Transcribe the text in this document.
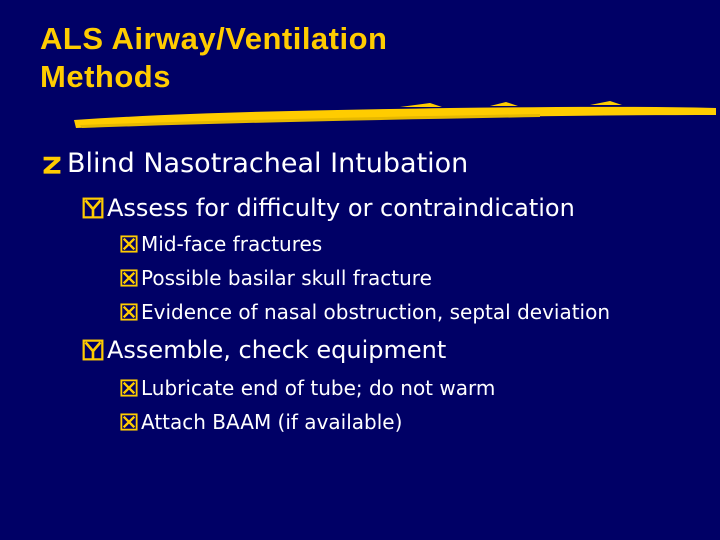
ALS Airway/Ventilation
Methods
Blind Nasotracheal Intubation
Assess for difficulty or contraindication
Mid-face fractures
Possible basilar skull fracture
Evidence of nasal obstruction, septal deviation
Assemble, check equipment
Lubricate end of tube; do not warm
Attach BAAM (if available)
